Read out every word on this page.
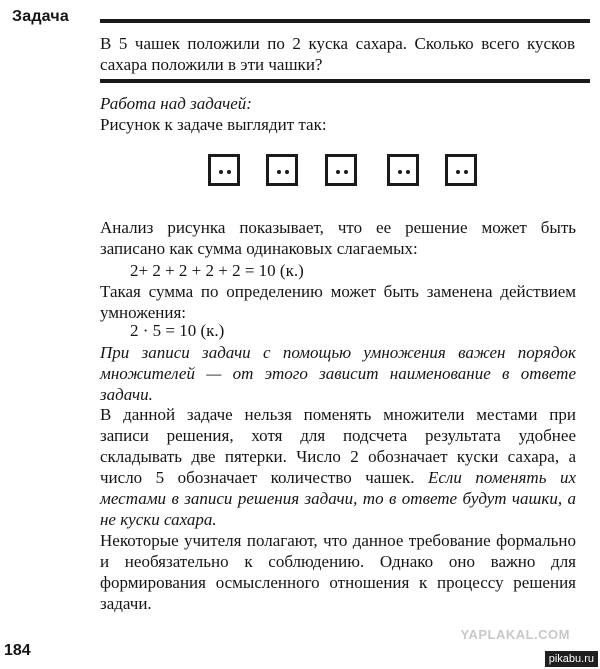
Задача
В 5 чашек положили по 2 куска сахара. Сколько всего кусков сахара положили в эти чашки?

Работа над задачей:

Рисунок к задаче выглядит так:

Анализ рисунка показывает, что ее решение может быть записано как сумма одинаковых слагаемых:

2+ 2 + 2 + 2 + 2 = 10 (к.)

Такая сумма по определению может быть заменена действием умножения:

2 · 5 = 10 (к.)

При записи задачи с помощью умножения важен порядок множителей — от этого зависит наименование в ответе задачи.

В данной задаче нельзя поменять множители местами при записи решения, хотя для подсчета результата удобнее складывать две пятерки. Число 2 обозначает куски сахара, а число 5 обозначает количество чашек. Если поменять их местами в записи решения задачи, то в ответе будут чашки, а не куски сахара.

Некоторые учителя полагают, что данное требование формально и необязательно к соблюдению. Однако оно важно для формирования осмысленного отношения к процессу решения задачи.

184
YAPLAKAL.COM
pikabu.ru
